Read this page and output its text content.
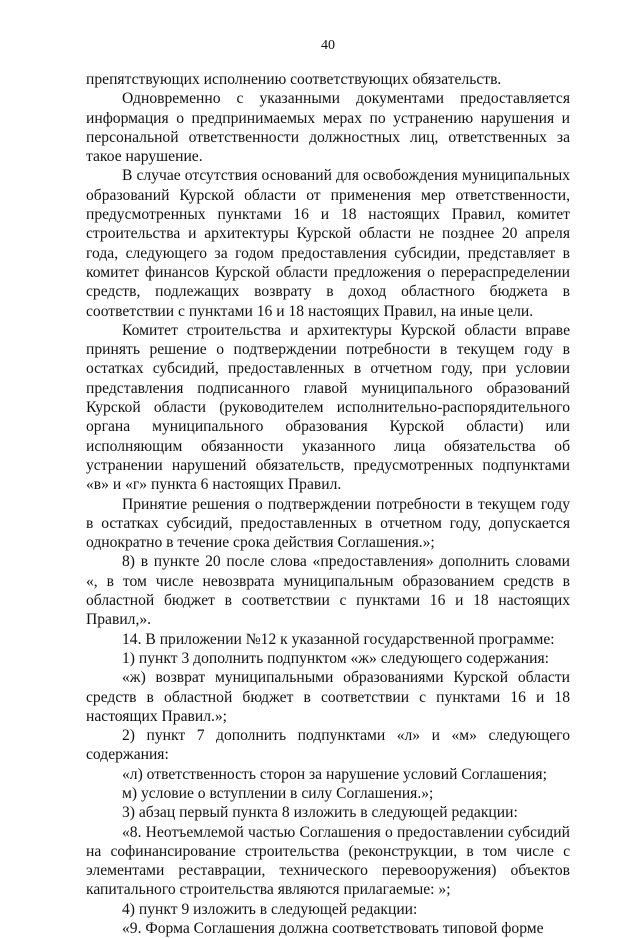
40

препятствующих исполнению соответствующих обязательств.

Одновременно с указанными документами предоставляется информация о предпринимаемых мерах по устранению нарушения и персональной ответственности должностных лиц, ответственных за такое нарушение.

В случае отсутствия оснований для освобождения муниципальных образований Курской области от применения мер ответственности, предусмотренных пунктами 16 и 18 настоящих Правил, комитет строительства и архитектуры Курской области не позднее 20 апреля года, следующего за годом предоставления субсидии, представляет в комитет финансов Курской области предложения о перераспределении средств, подлежащих возврату в доход областного бюджета в соответствии с пунктами 16 и 18 настоящих Правил, на иные цели.

Комитет строительства и архитектуры Курской области вправе принять решение о подтверждении потребности в текущем году в остатках субсидий, предоставленных в отчетном году, при условии представления подписанного главой муниципального образований Курской области (руководителем исполнительно-распорядительного органа муниципального образования Курской области) или исполняющим обязанности указанного лица обязательства об устранении нарушений обязательств, предусмотренных подпунктами «в» и «г» пункта 6 настоящих Правил.

Принятие решения о подтверждении потребности в текущем году в остатках субсидий, предоставленных в отчетном году, допускается однократно в течение срока действия Соглашения.»;

8) в пункте 20 после слова «предоставления» дополнить словами «, в том числе невозврата муниципальным образованием средств в областной бюджет в соответствии с пунктами 16 и 18 настоящих Правил,».

14. В приложении №12 к указанной государственной программе:

1) пункт 3 дополнить подпунктом «ж» следующего содержания:

«ж) возврат муниципальными образованиями Курской области средств в областной бюджет в соответствии с пунктами 16 и 18 настоящих Правил.»;

2) пункт 7 дополнить подпунктами «л» и «м» следующего содержания:

«л) ответственность сторон за нарушение условий Соглашения;

м) условие о вступлении в силу Соглашения.»;

3) абзац первый пункта 8 изложить в следующей редакции:

«8. Неотъемлемой частью Соглашения о предоставлении субсидий на софинансирование строительства (реконструкции, в том числе с элементами реставрации, технического перевооружения) объектов капитального строительства являются прилагаемые: »;

4) пункт 9 изложить в следующей редакции:

«9. Форма Соглашения должна соответствовать типовой форме
